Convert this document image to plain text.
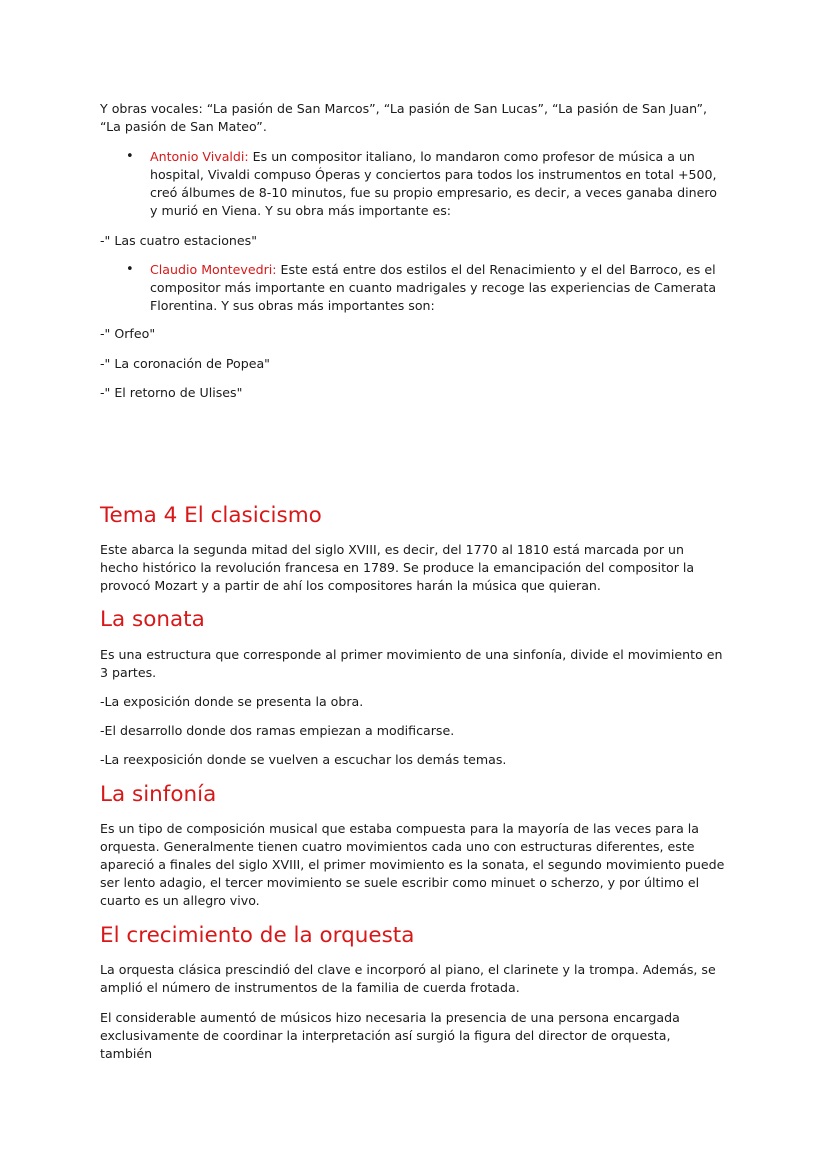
Y obras vocales: “La pasión de San Marcos”, “La pasión de San Lucas”, “La pasión de San Juan”, “La pasión de San Mateo”.

• Antonio Vivaldi: Es un compositor italiano, lo mandaron como profesor de música a un hospital, Vivaldi compuso Óperas y conciertos para todos los instrumentos en total +500, creó álbumes de 8-10 minutos, fue su propio empresario, es decir, a veces ganaba dinero y murió en Viena. Y su obra más importante es:

-" Las cuatro estaciones"

• Claudio Montevedri: Este está entre dos estilos el del Renacimiento y el del Barroco, es el compositor más importante en cuanto madrigales y recoge las experiencias de Camerata Florentina. Y sus obras más importantes son:

-" Orfeo"

-" La coronación de Popea"

-" El retorno de Ulises"

Tema 4 El clasicismo

Este abarca la segunda mitad del siglo XVIII, es decir, del 1770 al 1810 está marcada por un hecho histórico la revolución francesa en 1789. Se produce la emancipación del compositor la provocó Mozart y a partir de ahí los compositores harán la música que quieran.

La sonata

Es una estructura que corresponde al primer movimiento de una sinfonía, divide el movimiento en 3 partes.

-La exposición donde se presenta la obra.

-El desarrollo donde dos ramas empiezan a modificarse.

-La reexposición donde se vuelven a escuchar los demás temas.

La sinfonía

Es un tipo de composición musical que estaba compuesta para la mayoría de las veces para la orquesta. Generalmente tienen cuatro movimientos cada uno con estructuras diferentes, este apareció a finales del siglo XVIII, el primer movimiento es la sonata, el segundo movimiento puede ser lento adagio, el tercer movimiento se suele escribir como minuet o scherzo, y por último el cuarto es un allegro vivo.

El crecimiento de la orquesta

La orquesta clásica prescindió del clave e incorporó al piano, el clarinete y la trompa. Además, se amplió el número de instrumentos de la familia de cuerda frotada.

El considerable aumentó de músicos hizo necesaria la presencia de una persona encargada exclusivamente de coordinar la interpretación así surgió la figura del director de orquesta, también
